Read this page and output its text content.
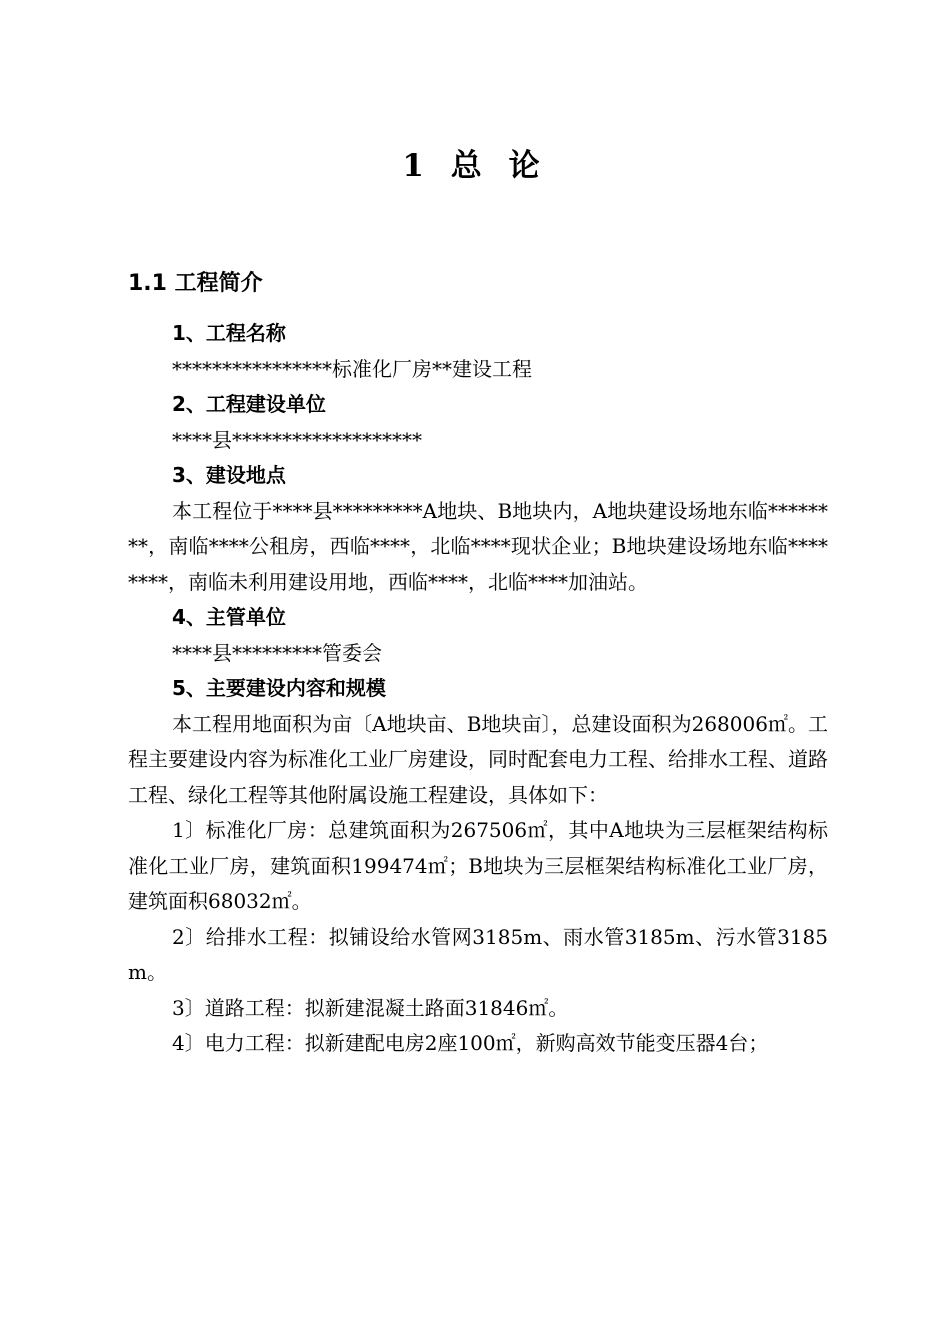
1 总 论
1.1 工程简介

1、工程名称

****************标准化厂房**建设工程

2、工程建设单位

****县*******************

3、建设地点

本工程位于****县*********A地块、B地块内，A地块建设场地东临********，南临****公租房，西临****，北临****现状企业；B地块建设场地东临********，南临未利用建设用地，西临****，北临****加油站。

4、主管单位

****县*********管委会

5、主要建设内容和规模

本工程用地面积为亩〔A地块亩、B地块亩〕，总建设面积为268006㎡。工程主要建设内容为标准化工业厂房建设，同时配套电力工程、给排水工程、道路工程、绿化工程等其他附属设施工程建设，具体如下：

1〕标准化厂房：总建筑面积为267506㎡，其中A地块为三层框架结构标准化工业厂房，建筑面积199474㎡；B地块为三层框架结构标准化工业厂房，建筑面积68032㎡。

2〕给排水工程：拟铺设给水管网3185m、雨水管3185m、污水管3185m。

3〕道路工程：拟新建混凝土路面31846㎡。

4〕电力工程：拟新建配电房2座100㎡，新购高效节能变压器4台；
